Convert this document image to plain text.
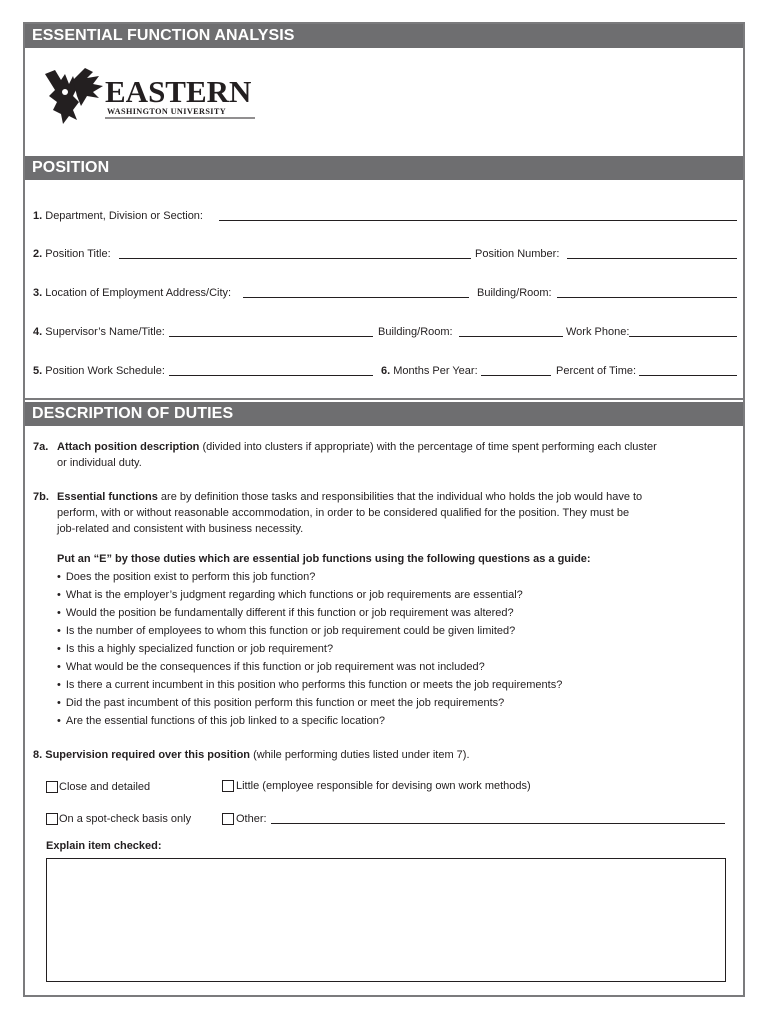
ESSENTIAL FUNCTION ANALYSIS
EASTERN
WASHINGTON UNIVERSITY
POSITION
1. Department, Division or Section:
2. Position Title:	Position Number:
3. Location of Employment Address/City:	Building/Room:
4. Supervisor’s Name/Title:	Building/Room:	Work Phone:
5. Position Work Schedule:	6. Months Per Year:	Percent of Time:
DESCRIPTION OF DUTIES
7a. Attach position description (divided into clusters if appropriate) with the percentage of time spent performing each cluster
or individual duty.
7b. Essential functions are by definition those tasks and responsibilities that the individual who holds the job would have to
perform, with or without reasonable accommodation, in order to be considered qualified for the position. They must be
job-related and consistent with business necessity.
Put an “E” by those duties which are essential job functions using the following questions as a guide:
• Does the position exist to perform this job function?
• What is the employer’s judgment regarding which functions or job requirements are essential?
• Would the position be fundamentally different if this function or job requirement was altered?
• Is the number of employees to whom this function or job requirement could be given limited?
• Is this a highly specialized function or job requirement?
• What would be the consequences if this function or job requirement was not included?
• Is there a current incumbent in this position who performs this function or meets the job requirements?
• Did the past incumbent of this position perform this function or meet the job requirements?
• Are the essential functions of this job linked to a specific location?
8. Supervision required over this position (while performing duties listed under item 7).
Close and detailed	Little (employee responsible for devising own work methods)
On a spot-check basis only	Other:
Explain item checked:
